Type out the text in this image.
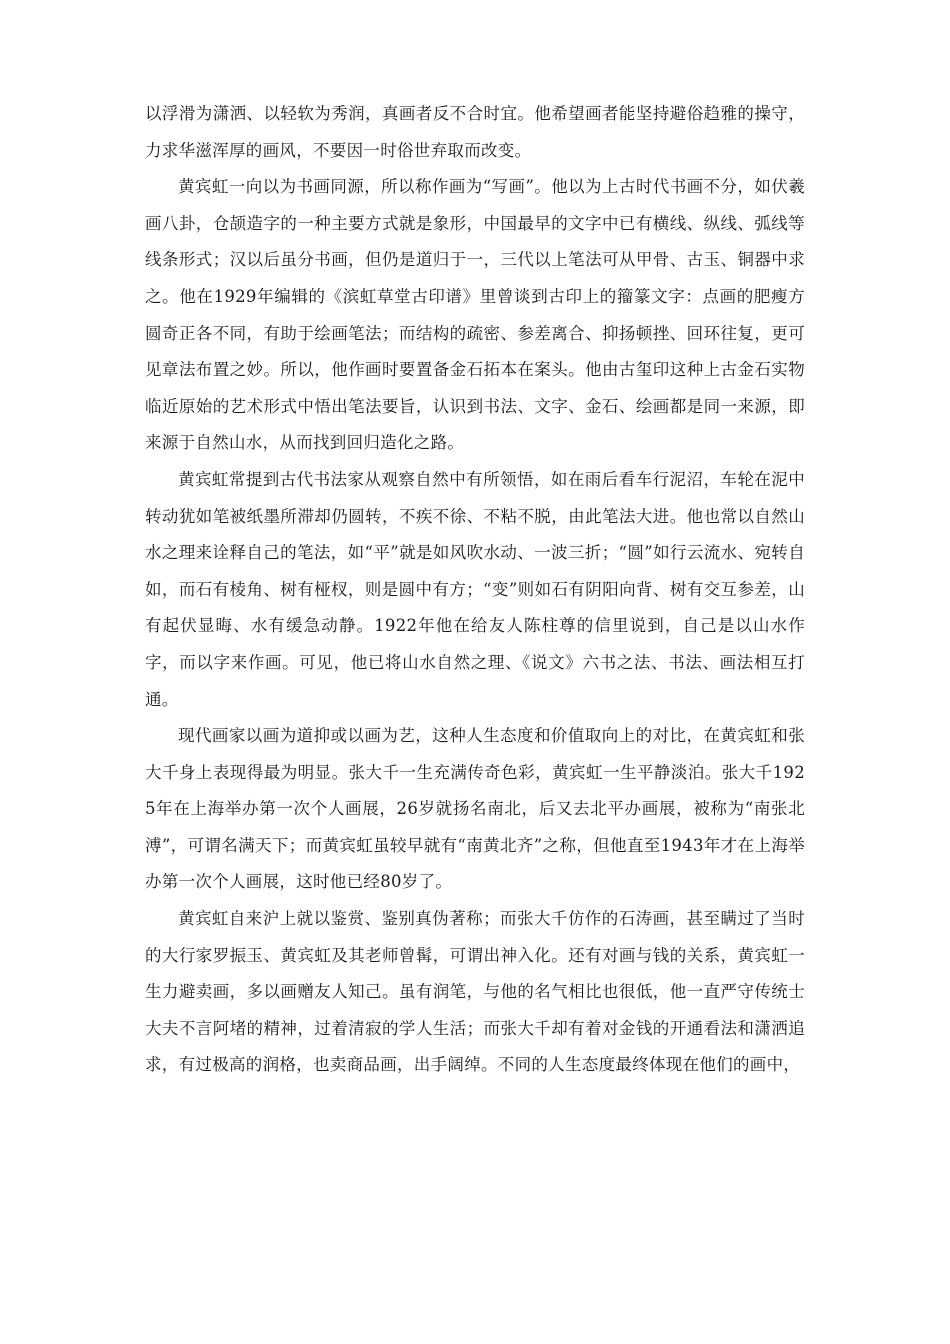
以浮滑为潇洒、以轻软为秀润，真画者反不合时宜。他希望画者能坚持避俗趋雅的操守，力求华滋浑厚的画风，不要因一时俗世弃取而改变。

黄宾虹一向以为书画同源，所以称作画为“写画”。他以为上古时代书画不分，如伏羲画八卦，仓颉造字的一种主要方式就是象形，中国最早的文字中已有横线、纵线、弧线等线条形式；汉以后虽分书画，但仍是道归于一，三代以上笔法可从甲骨、古玉、铜器中求之。他在1929年编辑的《滨虹草堂古印谱》里曾谈到古印上的籀篆文字：点画的肥瘦方圆奇正各不同，有助于绘画笔法；而结构的疏密、参差离合、抑扬顿挫、回环往复，更可见章法布置之妙。所以，他作画时要置备金石拓本在案头。他由古玺印这种上古金石实物临近原始的艺术形式中悟出笔法要旨，认识到书法、文字、金石、绘画都是同一来源，即来源于自然山水，从而找到回归造化之路。

黄宾虹常提到古代书法家从观察自然中有所领悟，如在雨后看车行泥沼，车轮在泥中转动犹如笔被纸墨所滞却仍圆转，不疾不徐、不粘不脱，由此笔法大进。他也常以自然山水之理来诠释自己的笔法，如“平”就是如风吹水动、一波三折；“圆”如行云流水、宛转自如，而石有棱角、树有桠杈，则是圆中有方；“变”则如石有阴阳向背、树有交互参差，山有起伏显晦、水有缓急动静。1922年他在给友人陈柱尊的信里说到，自己是以山水作字，而以字来作画。可见，他已将山水自然之理、《说文》六书之法、书法、画法相互打通。

现代画家以画为道抑或以画为艺，这种人生态度和价值取向上的对比，在黄宾虹和张大千身上表现得最为明显。张大千一生充满传奇色彩，黄宾虹一生平静淡泊。张大千1925年在上海举办第一次个人画展，26岁就扬名南北，后又去北平办画展，被称为“南张北溥”，可谓名满天下；而黄宾虹虽较早就有“南黄北齐”之称，但他直至1943年才在上海举办第一次个人画展，这时他已经80岁了。

黄宾虹自来沪上就以鉴赏、鉴别真伪著称；而张大千仿作的石涛画，甚至瞒过了当时的大行家罗振玉、黄宾虹及其老师曾髯，可谓出神入化。还有对画与钱的关系，黄宾虹一生力避卖画，多以画赠友人知己。虽有润笔，与他的名气相比也很低，他一直严守传统士大夫不言阿堵的精神，过着清寂的学人生活；而张大千却有着对金钱的开通看法和潇洒追求，有过极高的润格，也卖商品画，出手阔绰。不同的人生态度最终体现在他们的画中，
